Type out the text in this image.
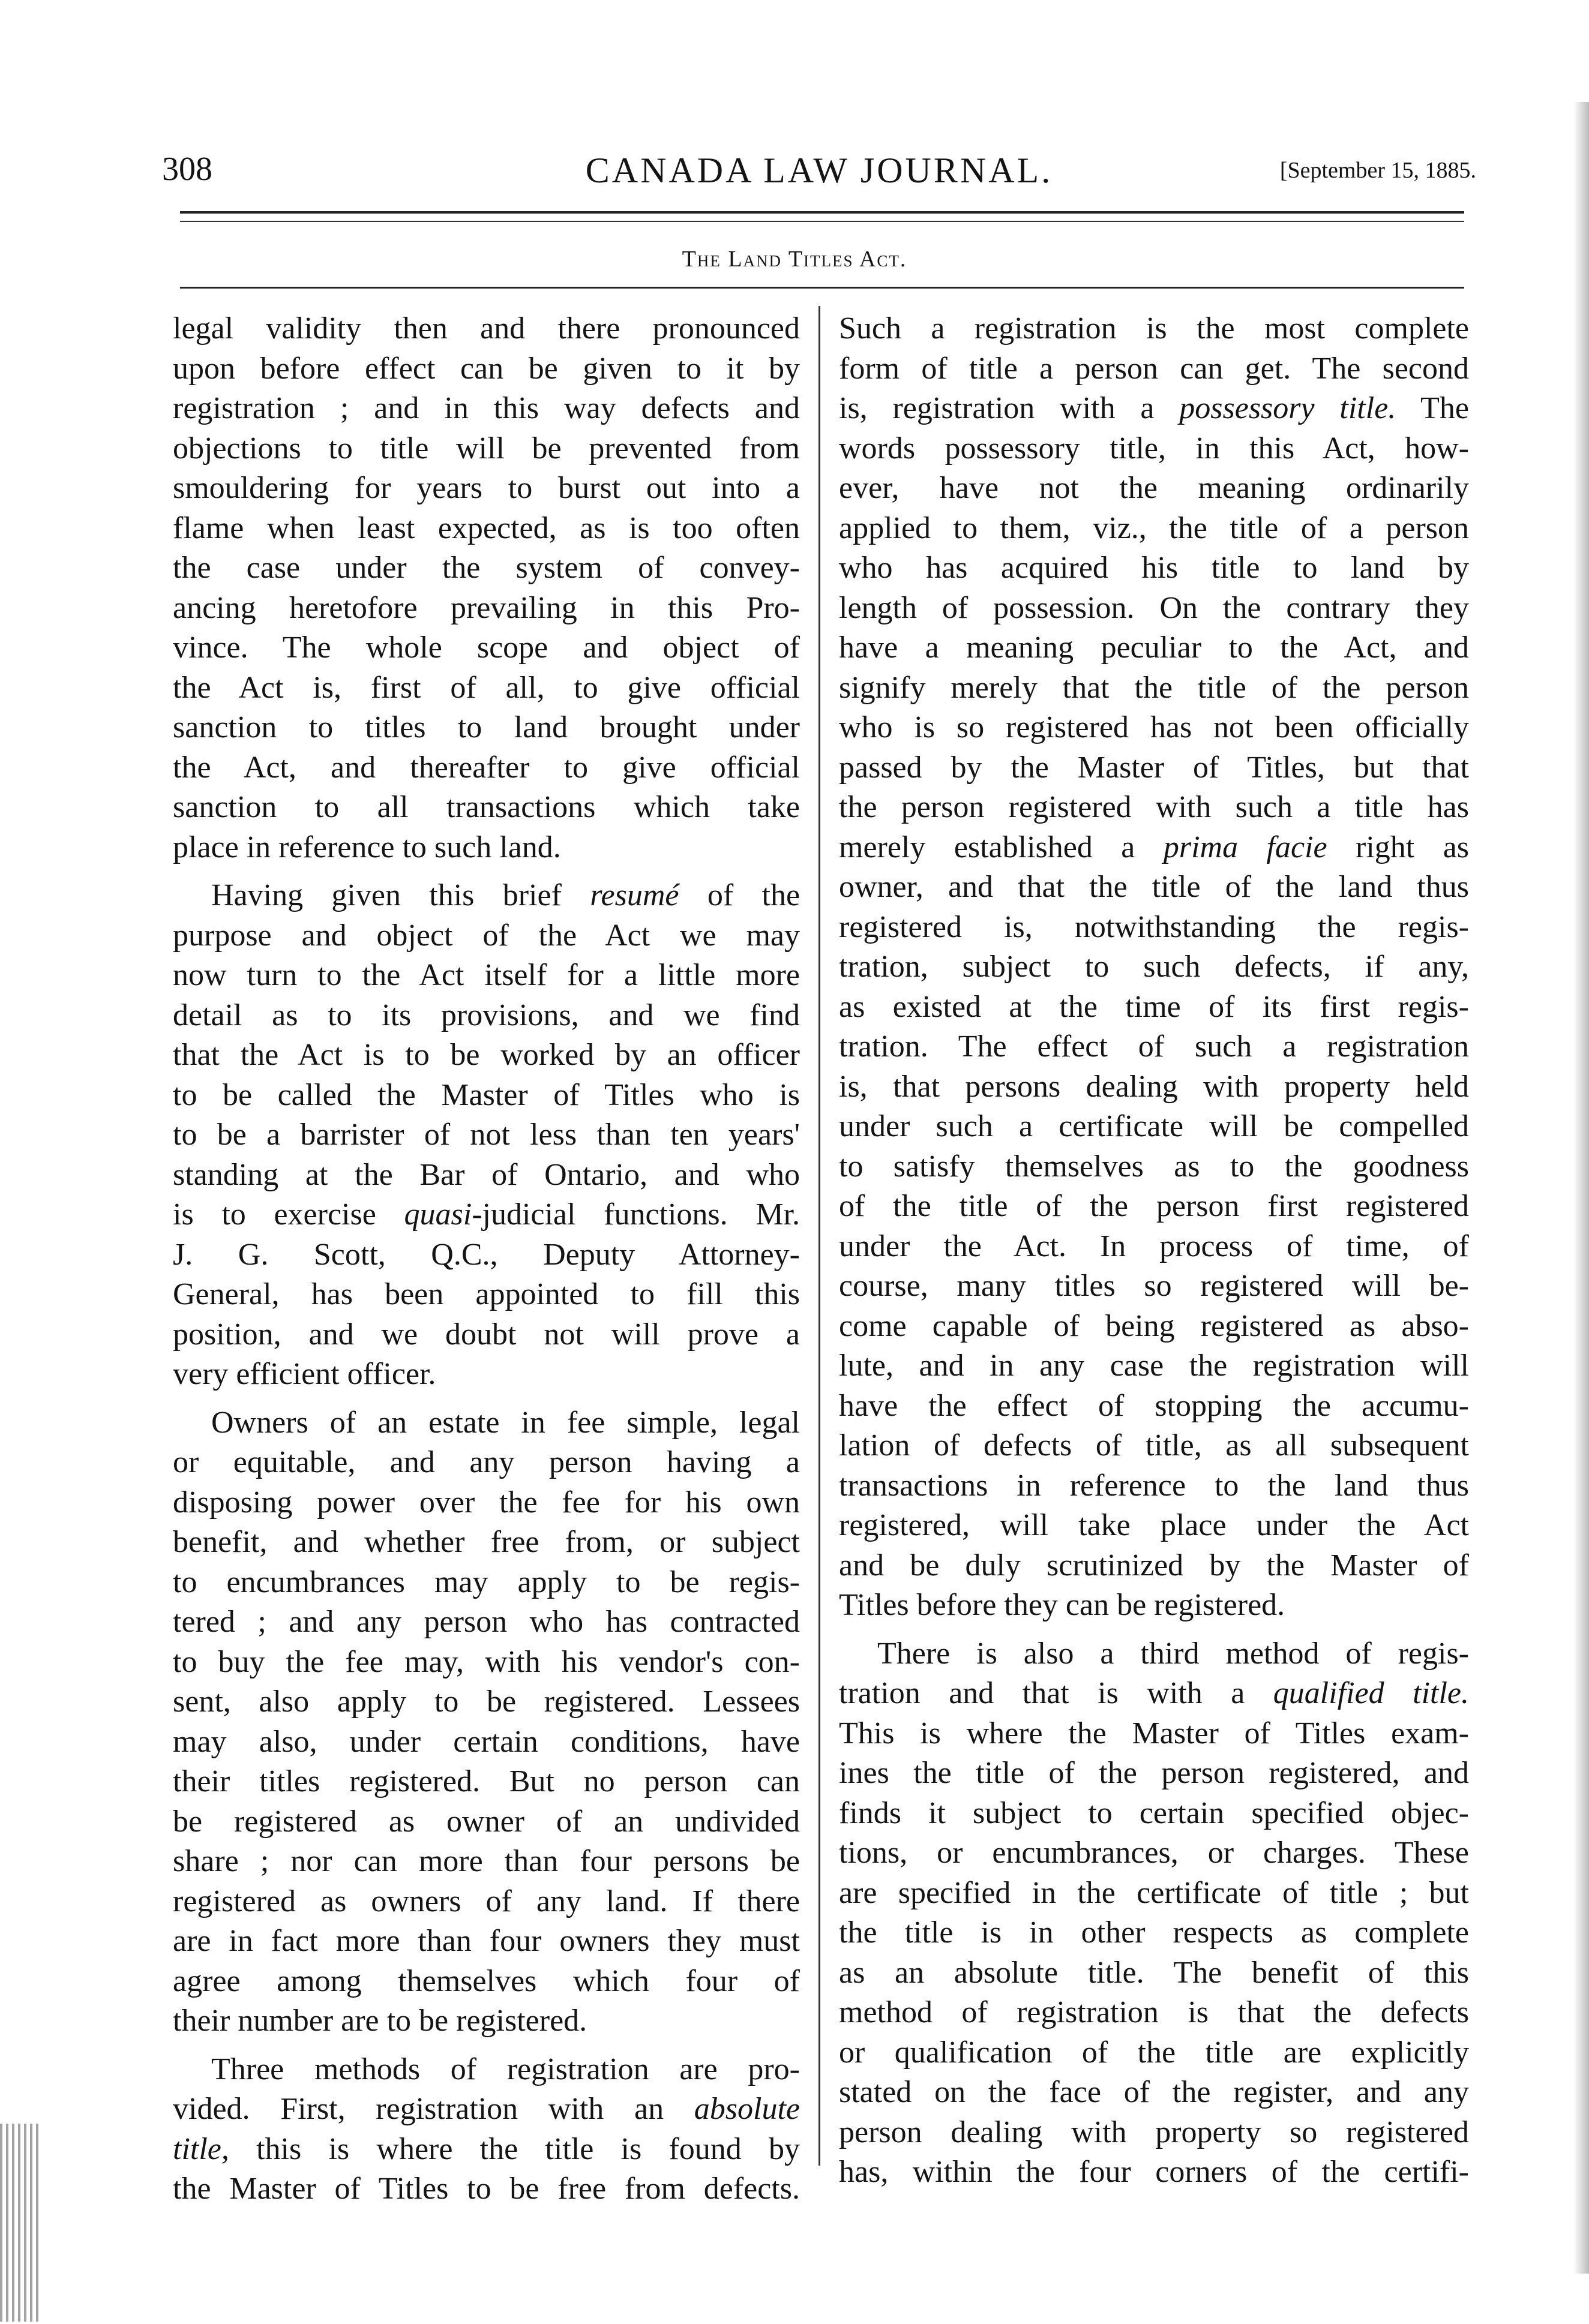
308	CANADA LAW JOURNAL.	[September 15, 1885.
The Land Titles Act.
legal validity then and there pronounced
upon before effect can be given to it by
registration ; and in this way defects and
objections to title will be prevented from
smouldering for years to burst out into a
flame when least expected, as is too often
the case under the system of convey-
ancing heretofore prevailing in this Pro-
vince. The whole scope and object of
the Act is, first of all, to give official
sanction to titles to land brought under
the Act, and thereafter to give official
sanction to all transactions which take
place in reference to such land.
Having given this brief resumé of the
purpose and object of the Act we may
now turn to the Act itself for a little more
detail as to its provisions, and we find
that the Act is to be worked by an officer
to be called the Master of Titles who is
to be a barrister of not less than ten years'
standing at the Bar of Ontario, and who
is to exercise quasi-judicial functions. Mr.
J. G. Scott, Q.C., Deputy Attorney-
General, has been appointed to fill this
position, and we doubt not will prove a
very efficient officer.
Owners of an estate in fee simple, legal
or equitable, and any person having a
disposing power over the fee for his own
benefit, and whether free from, or subject
to encumbrances may apply to be regis-
tered ; and any person who has contracted
to buy the fee may, with his vendor's con-
sent, also apply to be registered. Lessees
may also, under certain conditions, have
their titles registered. But no person can
be registered as owner of an undivided
share ; nor can more than four persons be
registered as owners of any land. If there
are in fact more than four owners they must
agree among themselves which four of
their number are to be registered.
Three methods of registration are pro-
vided. First, registration with an absolute
title, this is where the title is found by
the Master of Titles to be free from defects.
Such a registration is the most complete
form of title a person can get. The second
is, registration with a possessory title. The
words possessory title, in this Act, how-
ever, have not the meaning ordinarily
applied to them, viz., the title of a person
who has acquired his title to land by
length of possession. On the contrary they
have a meaning peculiar to the Act, and
signify merely that the title of the person
who is so registered has not been officially
passed by the Master of Titles, but that
the person registered with such a title has
merely established a prima facie right as
owner, and that the title of the land thus
registered is, notwithstanding the regis-
tration, subject to such defects, if any,
as existed at the time of its first regis-
tration. The effect of such a registration
is, that persons dealing with property held
under such a certificate will be compelled
to satisfy themselves as to the goodness
of the title of the person first registered
under the Act. In process of time, of
course, many titles so registered will be-
come capable of being registered as abso-
lute, and in any case the registration will
have the effect of stopping the accumu-
lation of defects of title, as all subsequent
transactions in reference to the land thus
registered, will take place under the Act
and be duly scrutinized by the Master of
Titles before they can be registered.
There is also a third method of regis-
tration and that is with a qualified title.
This is where the Master of Titles exam-
ines the title of the person registered, and
finds it subject to certain specified objec-
tions, or encumbrances, or charges. These
are specified in the certificate of title ; but
the title is in other respects as complete
as an absolute title. The benefit of this
method of registration is that the defects
or qualification of the title are explicitly
stated on the face of the register, and any
person dealing with property so registered
has, within the four corners of the certifi-
